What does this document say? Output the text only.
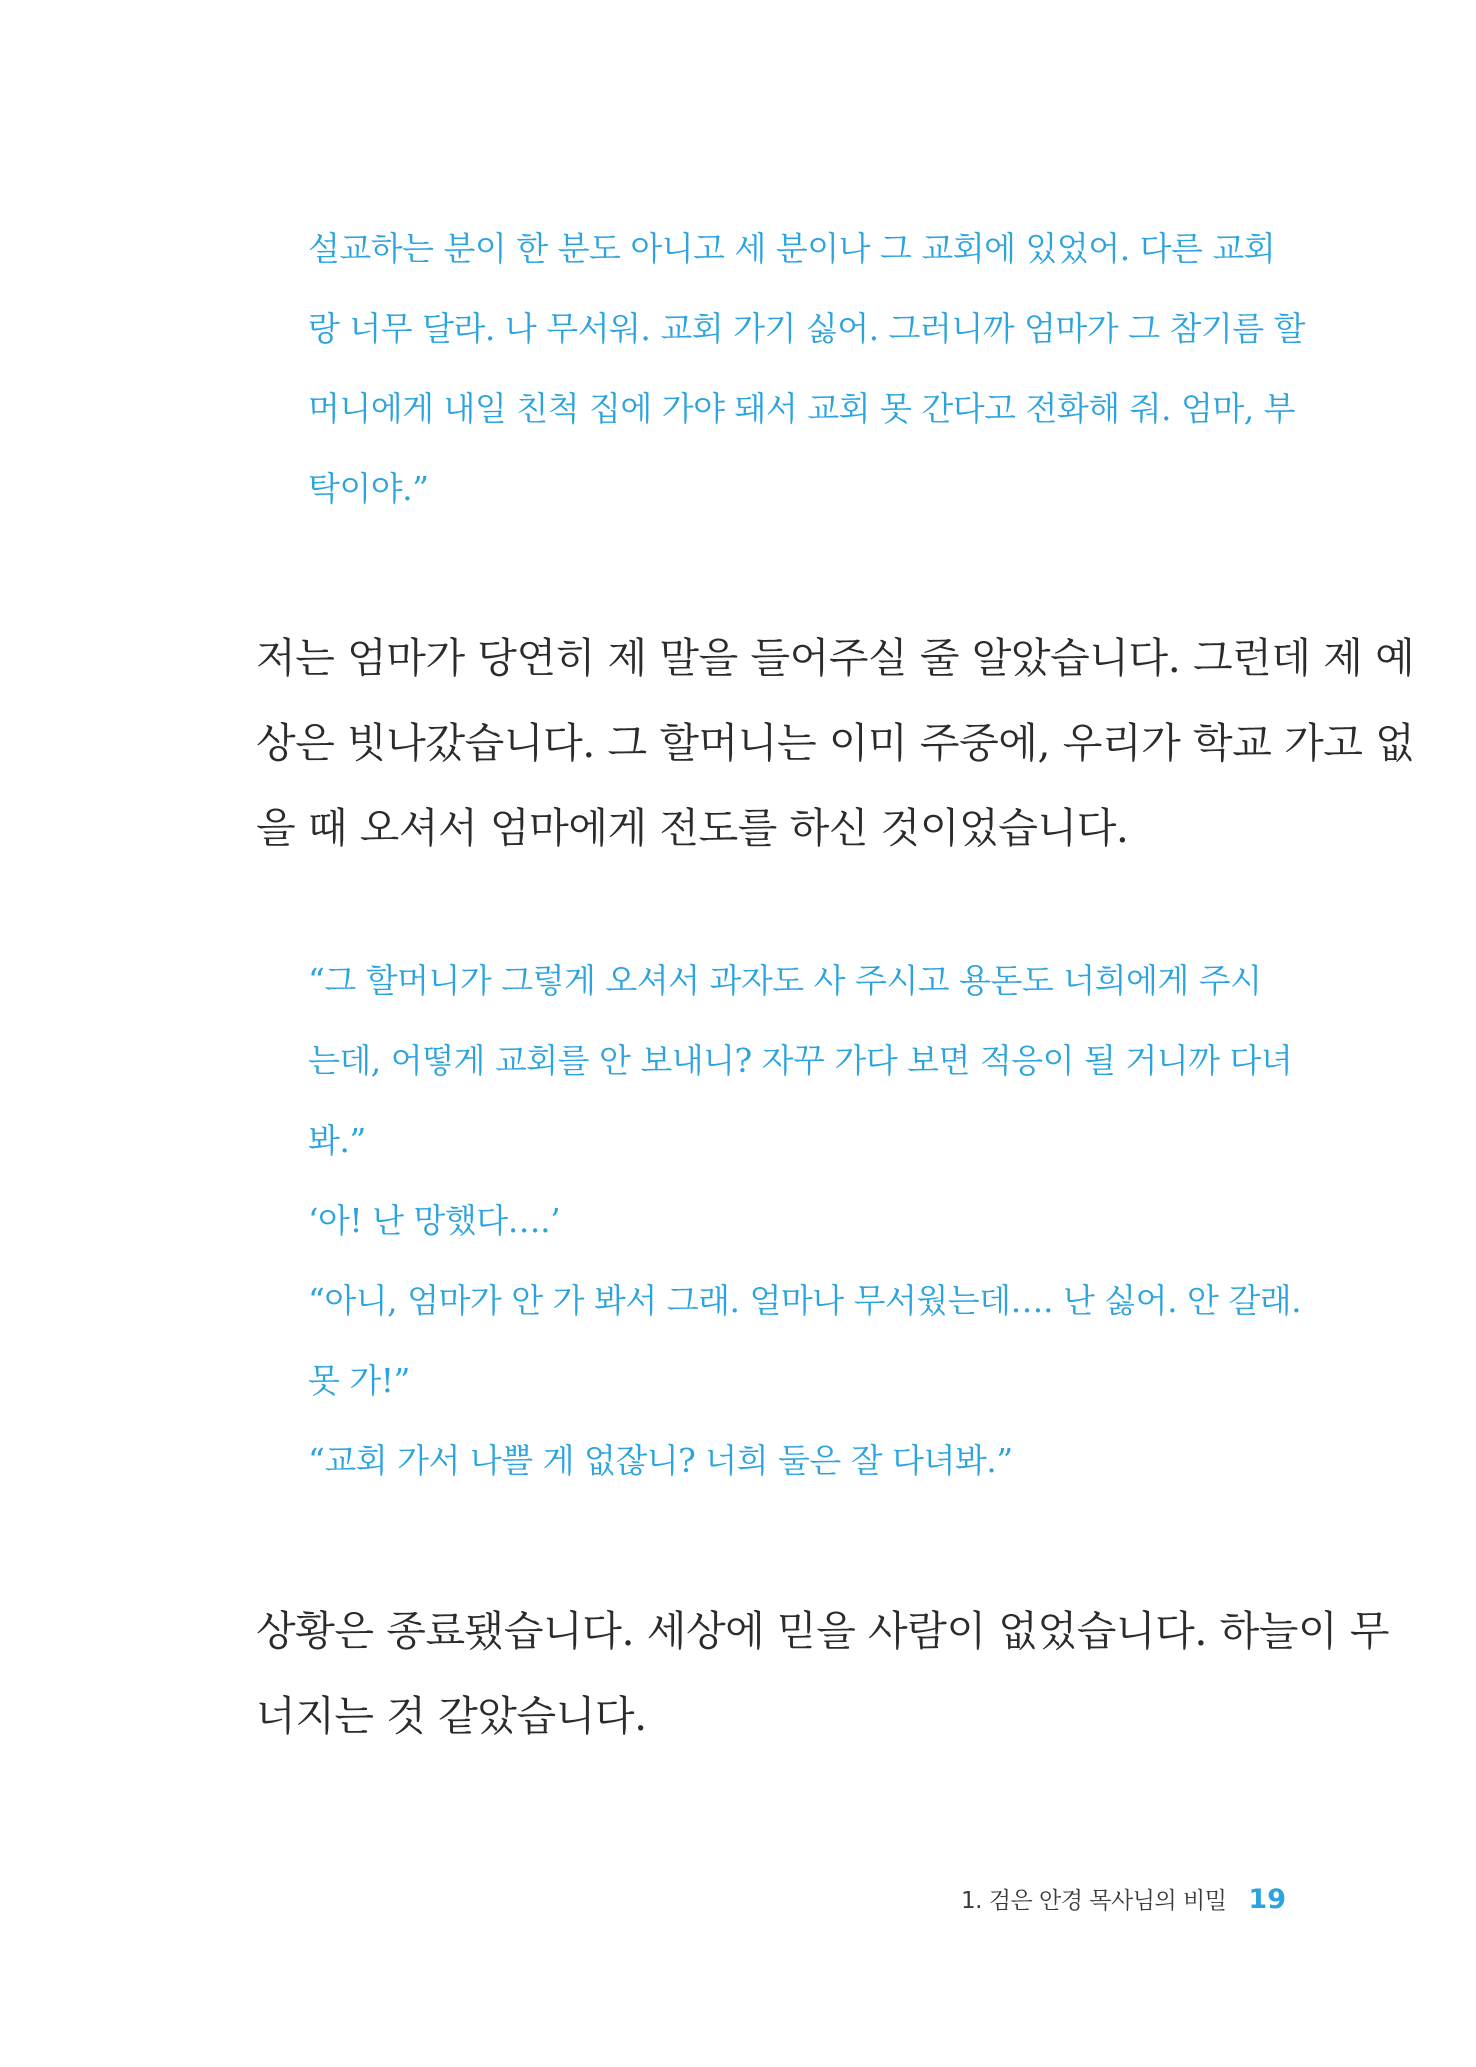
설교하는 분이 한 분도 아니고 세 분이나 그 교회에 있었어. 다른 교회
랑 너무 달라. 나 무서워. 교회 가기 싫어. 그러니까 엄마가 그 참기름 할
머니에게 내일 친척 집에 가야 돼서 교회 못 간다고 전화해 줘. 엄마, 부
탁이야.”
저는 엄마가 당연히 제 말을 들어주실 줄 알았습니다. 그런데 제 예
상은 빗나갔습니다. 그 할머니는 이미 주중에, 우리가 학교 가고 없
을 때 오셔서 엄마에게 전도를 하신 것이었습니다.
“그 할머니가 그렇게 오셔서 과자도 사 주시고 용돈도 너희에게 주시
는데, 어떻게 교회를 안 보내니? 자꾸 가다 보면 적응이 될 거니까 다녀
봐.”
‘아! 난 망했다….’
“아니, 엄마가 안 가 봐서 그래. 얼마나 무서웠는데…. 난 싫어. 안 갈래.
못 가!”
“교회 가서 나쁠 게 없잖니? 너희 둘은 잘 다녀봐.”
상황은 종료됐습니다. 세상에 믿을 사람이 없었습니다. 하늘이 무
너지는 것 같았습니다.
1. 검은 안경 목사님의 비밀 19
